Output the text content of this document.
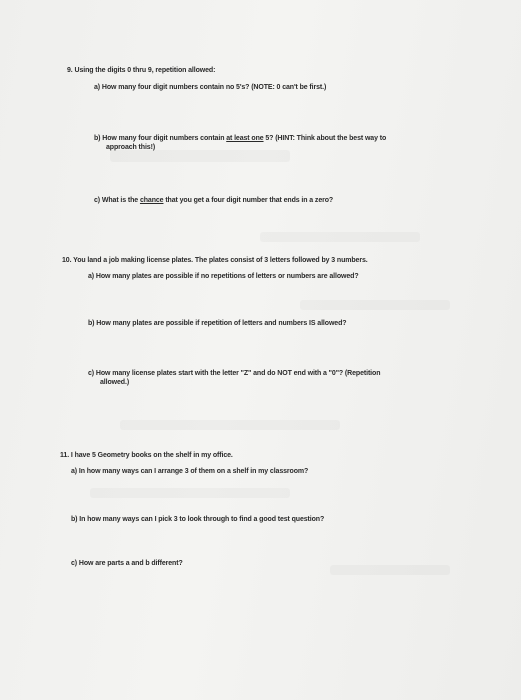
9. Using the digits 0 thru 9, repetition allowed:
a) How many four digit numbers contain no 5's? (NOTE: 0 can't be first.)
b) How many four digit numbers contain at least one 5? (HINT: Think about the best way to
approach this!)
c) What is the chance that you get a four digit number that ends in a zero?
10. You land a job making license plates. The plates consist of 3 letters followed by 3 numbers.
a) How many plates are possible if no repetitions of letters or numbers are allowed?
b) How many plates are possible if repetition of letters and numbers IS allowed?
c) How many license plates start with the letter "Z" and do NOT end with a "0"? (Repetition
allowed.)
11. I have 5 Geometry books on the shelf in my office.
a) In how many ways can I arrange 3 of them on a shelf in my classroom?
b) In how many ways can I pick 3 to look through to find a good test question?
c) How are parts a and b different?
